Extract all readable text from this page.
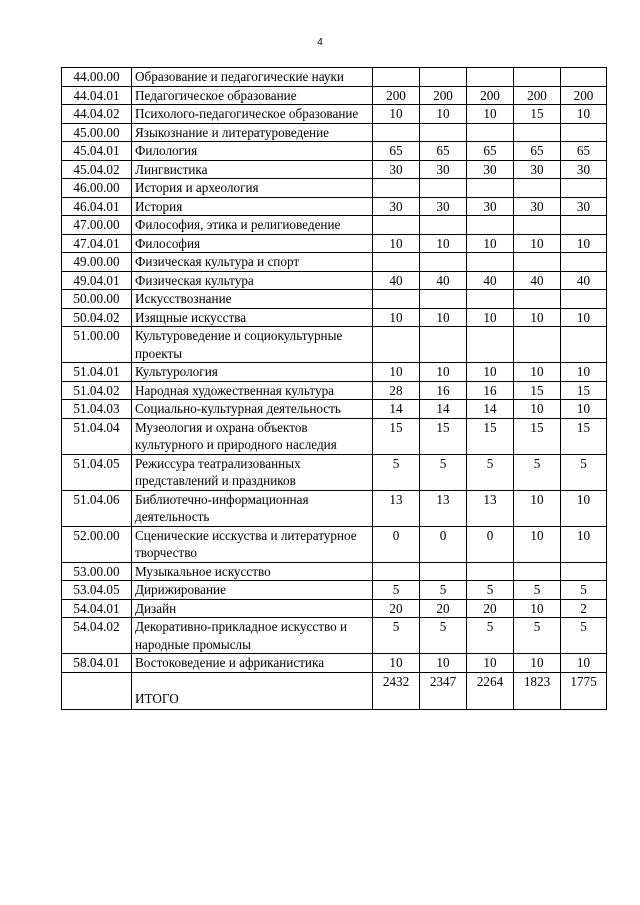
4
44.00.00	Образование и педагогические науки					
44.04.01	Педагогическое образование	200	200	200	200	200
44.04.02	Психолого-педагогическое образование	10	10	10	15	10
45.00.00	Языкознание и литературоведение					
45.04.01	Филология	65	65	65	65	65
45.04.02	Лингвистика	30	30	30	30	30
46.00.00	История и археология					
46.04.01	История	30	30	30	30	30
47.00.00	Философия, этика и религиоведение					
47.04.01	Философия	10	10	10	10	10
49.00.00	Физическая культура и спорт					
49.04.01	Физическая культура	40	40	40	40	40
50.00.00	Искусствознание					
50.04.02	Изящные искусства	10	10	10	10	10
51.00.00	Культуроведение и социокультурные проекты					
51.04.01	Культурология	10	10	10	10	10
51.04.02	Народная художественная культура	28	16	16	15	15
51.04.03	Социально-культурная деятельность	14	14	14	10	10
51.04.04	Музеология и охрана объектов культурного и природного наследия	15	15	15	15	15
51.04.05	Режиссура театрализованных представлений и праздников	5	5	5	5	5
51.04.06	Библиотечно-информационная деятельность	13	13	13	10	10
52.00.00	Сценические исскуства и литературное творчество	0	0	0	10	10
53.00.00	Музыкальное искусство					
53.04.05	Дирижирование	5	5	5	5	5
54.04.01	Дизайн	20	20	20	10	2
54.04.02	Декоративно-прикладное искусство и народные промыслы	5	5	5	5	5
58.04.01	Востоковедение и африканистика	10	10	10	10	10
	ИТОГО	2432	2347	2264	1823	1775
